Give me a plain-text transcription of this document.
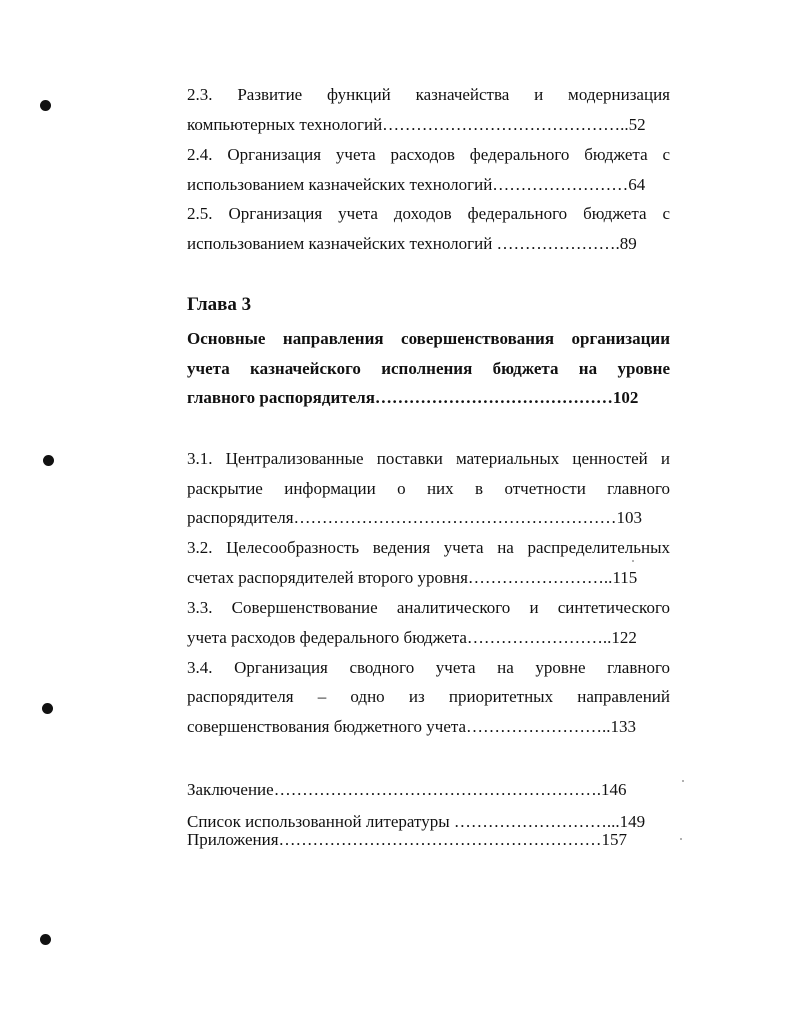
2.3. Развитие функций казначейства и модернизация
компьютерных технологий……………………………………..52
2.4. Организация учета расходов федерального бюджета с
использованием казначейских технологий……………………64
2.5. Организация учета доходов федерального бюджета с
использованием казначейских технологий ………………….89
Глава 3
Основные направления совершенствования организации
учета казначейского исполнения бюджета на уровне
главного распорядителя……………………………………102
3.1. Централизованные поставки материальных ценностей и
раскрытие информации о них в отчетности главного
распорядителя…………………………………………………103
3.2. Целесообразность ведения учета на распределительных
счетах распорядителей второго уровня……………………..115
3.3. Совершенствование аналитического и синтетического
учета расходов федерального бюджета……………………..122
3.4. Организация сводного учета на уровне главного
распорядителя – одно из приоритетных направлений
совершенствования бюджетного учета……………………..133
Заключение………………………………………………….146
Список использованной литературы ………………………...149
Приложения…………………………………………………157
